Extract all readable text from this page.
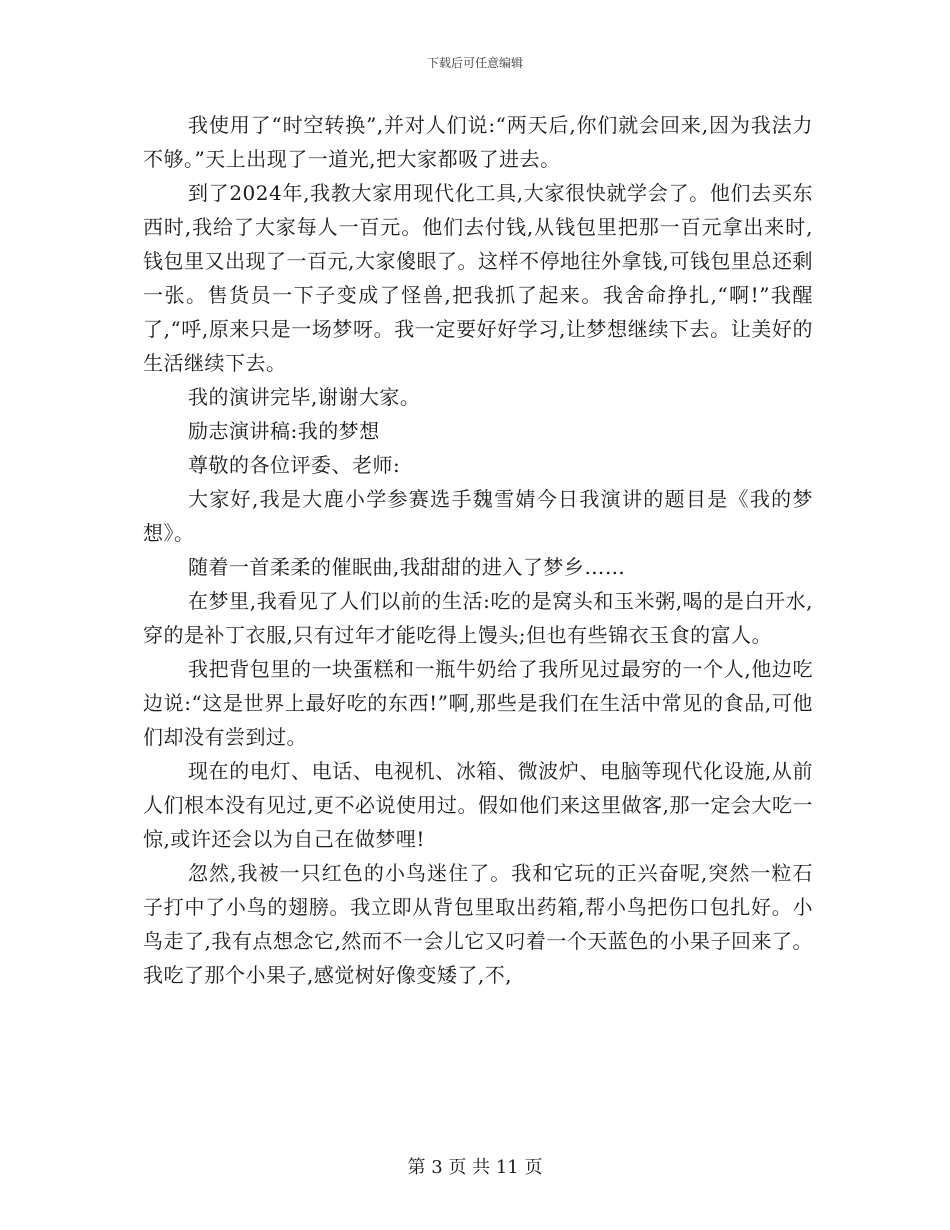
下载后可任意编辑

我使用了“时空转换”,并对人们说:“两天后,你们就会回来,因为我法力不够。”天上出现了一道光,把大家都吸了进去。

到了2024年,我教大家用现代化工具,大家很快就学会了。他们去买东西时,我给了大家每人一百元。他们去付钱,从钱包里把那一百元拿出来时,钱包里又出现了一百元,大家傻眼了。这样不停地往外拿钱,可钱包里总还剩一张。售货员一下子变成了怪兽,把我抓了起来。我舍命挣扎,“啊!”我醒了,“呼,原来只是一场梦呀。我一定要好好学习,让梦想继续下去。让美好的生活继续下去。

我的演讲完毕,谢谢大家。

励志演讲稿:我的梦想

尊敬的各位评委、老师:

大家好,我是大鹿小学参赛选手魏雪婧今日我演讲的题目是《我的梦想》。

随着一首柔柔的催眠曲,我甜甜的进入了梦乡……

在梦里,我看见了人们以前的生活:吃的是窝头和玉米粥,喝的是白开水,穿的是补丁衣服,只有过年才能吃得上馒头;但也有些锦衣玉食的富人。

我把背包里的一块蛋糕和一瓶牛奶给了我所见过最穷的一个人,他边吃边说:“这是世界上最好吃的东西!”啊,那些是我们在生活中常见的食品,可他们却没有尝到过。

现在的电灯、电话、电视机、冰箱、微波炉、电脑等现代化设施,从前人们根本没有见过,更不必说使用过。假如他们来这里做客,那一定会大吃一惊,或许还会以为自己在做梦哩!

忽然,我被一只红色的小鸟迷住了。我和它玩的正兴奋呢,突然一粒石子打中了小鸟的翅膀。我立即从背包里取出药箱,帮小鸟把伤口包扎好。小鸟走了,我有点想念它,然而不一会儿它又叼着一个天蓝色的小果子回来了。我吃了那个小果子,感觉树好像变矮了,不,

第 3 页 共 11 页
